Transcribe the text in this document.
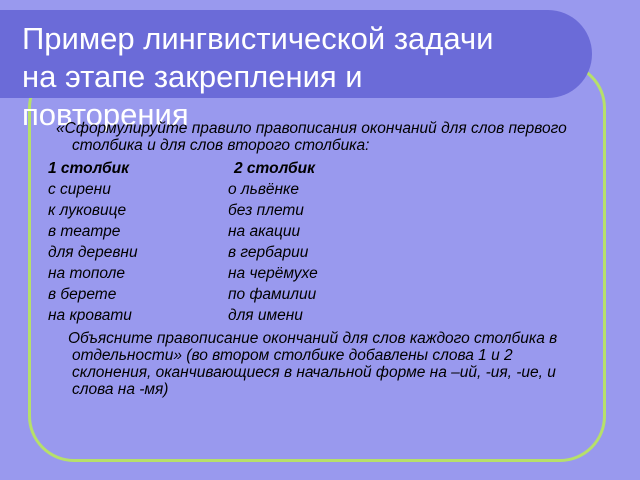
Пример лингвистической задачи
на этапе закрепления и
повторения

«Сформулируйте правило правописания окончаний для слов первого столбика и для слов второго столбика:

1 столбик	2 столбик
с сирени	о львёнке
к луковице	без плети
в театре	на акации
для деревни	в гербарии
на тополе	на черёмухе
в берете	по фамилии
на кровати	для имени

Объясните правописание окончаний для слов каждого столбика в отдельности» (во втором столбике добавлены слова 1 и 2 склонения, оканчивающиеся в начальной форме на –ий, -ия, -ие, и слова на -мя)
